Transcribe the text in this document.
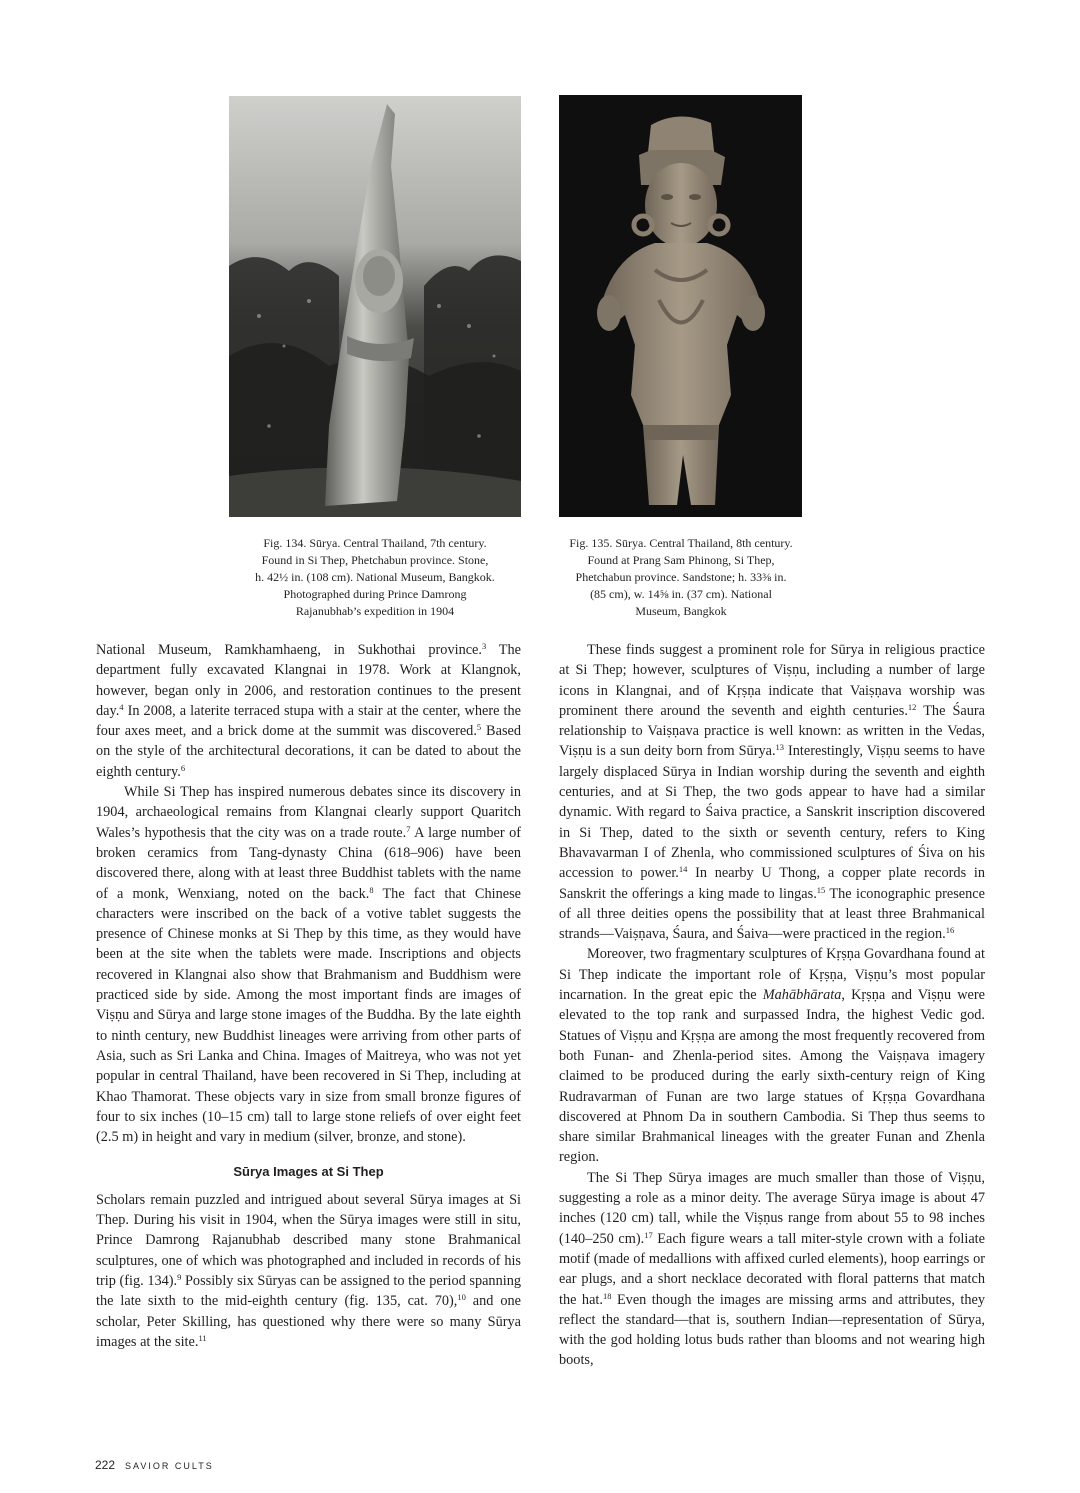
Fig. 134. Sūrya. Central Thailand, 7th century.
Found in Si Thep, Phetchabun province. Stone,
h. 42½ in. (108 cm). National Museum, Bangkok.
Photographed during Prince Damrong
Rajanubhab’s expedition in 1904
Fig. 135. Sūrya. Central Thailand, 8th century.
Found at Prang Sam Phinong, Si Thep,
Phetchabun province. Sandstone; h. 33⅜ in.
(85 cm), w. 14⅝ in. (37 cm). National
Museum, Bangkok

National Museum, Ramkhamhaeng, in Sukhothai province.$^3$ The department fully excavated Klangnai in 1978. Work at Klangnok, however, began only in 2006, and restoration continues to the present day.$^4$ In 2008, a laterite terraced stupa with a stair at the center, where the four axes meet, and a brick dome at the summit was discovered.$^5$ Based on the style of the architectural decorations, it can be dated to about the eighth century.$^6$

While Si Thep has inspired numerous debates since its discovery in 1904, archaeological remains from Klangnai clearly support Quaritch Wales’s hypothesis that the city was on a trade route.$^7$ A large number of broken ceramics from Tang-dynasty China (618–906) have been discovered there, along with at least three Buddhist tablets with the name of a monk, Wenxiang, noted on the back.$^8$ The fact that Chinese characters were inscribed on the back of a votive tablet suggests the presence of Chinese monks at Si Thep by this time, as they would have been at the site when the tablets were made. Inscriptions and objects recovered in Klangnai also show that Brahmanism and Buddhism were practiced side by side. Among the most important finds are images of Viṣṇu and Sūrya and large stone images of the Buddha. By the late eighth to ninth century, new Buddhist lineages were arriving from other parts of Asia, such as Sri Lanka and China. Images of Maitreya, who was not yet popular in central Thailand, have been recovered in Si Thep, including at Khao Thamorat. These objects vary in size from small bronze figures of four to six inches (10–15 cm) tall to large stone reliefs of over eight feet (2.5 m) in height and vary in medium (silver, bronze, and stone).

Sūrya Images at Si Thep

Scholars remain puzzled and intrigued about several Sūrya images at Si Thep. During his visit in 1904, when the Sūrya images were still in situ, Prince Damrong Rajanubhab described many stone Brahmanical sculptures, one of which was photographed and included in records of his trip (fig. 134).$^9$ Possibly six Sūryas can be assigned to the period spanning the late sixth to the mid-eighth century (fig. 135, cat. 70),$^{10}$ and one scholar, Peter Skilling, has questioned why there were so many Sūrya images at the site.$^{11}$

These finds suggest a prominent role for Sūrya in religious practice at Si Thep; however, sculptures of Viṣṇu, including a number of large icons in Klangnai, and of Kṛṣṇa indicate that Vaiṣṇava worship was prominent there around the seventh and eighth centuries.$^{12}$ The Śaura relationship to Vaiṣṇava practice is well known: as written in the Vedas, Viṣṇu is a sun deity born from Sūrya.$^{13}$ Interestingly, Viṣṇu seems to have largely displaced Sūrya in Indian worship during the seventh and eighth centuries, and at Si Thep, the two gods appear to have had a similar dynamic. With regard to Śaiva practice, a Sanskrit inscription discovered in Si Thep, dated to the sixth or seventh century, refers to King Bhavavarman I of Zhenla, who commissioned sculptures of Śiva on his accession to power.$^{14}$ In nearby U Thong, a copper plate records in Sanskrit the offerings a king made to lingas.$^{15}$ The iconographic presence of all three deities opens the possibility that at least three Brahmanical strands—Vaiṣṇava, Śaura, and Śaiva—were practiced in the region.$^{16}$

Moreover, two fragmentary sculptures of Kṛṣṇa Govardhana found at Si Thep indicate the important role of Kṛṣṇa, Viṣṇu’s most popular incarnation. In the great epic the Mahābhārata, Kṛṣṇa and Viṣṇu were elevated to the top rank and surpassed Indra, the highest Vedic god. Statues of Viṣṇu and Kṛṣṇa are among the most frequently recovered from both Funan- and Zhenla-period sites. Among the Vaiṣṇava imagery claimed to be produced during the early sixth-century reign of King Rudravarman of Funan are two large statues of Kṛṣṇa Govardhana discovered at Phnom Da in southern Cambodia. Si Thep thus seems to share similar Brahmanical lineages with the greater Funan and Zhenla region.

The Si Thep Sūrya images are much smaller than those of Viṣṇu, suggesting a role as a minor deity. The average Sūrya image is about 47 inches (120 cm) tall, while the Viṣṇus range from about 55 to 98 inches (140–250 cm).$^{17}$ Each figure wears a tall miter-style crown with a foliate motif (made of medallions with affixed curled elements), hoop earrings or ear plugs, and a short necklace decorated with floral patterns that match the hat.$^{18}$ Even though the images are missing arms and attributes, they reflect the standard—that is, southern Indian—representation of Sūrya, with the god holding lotus buds rather than blooms and not wearing high boots,

222 SAVIOR CULTS
